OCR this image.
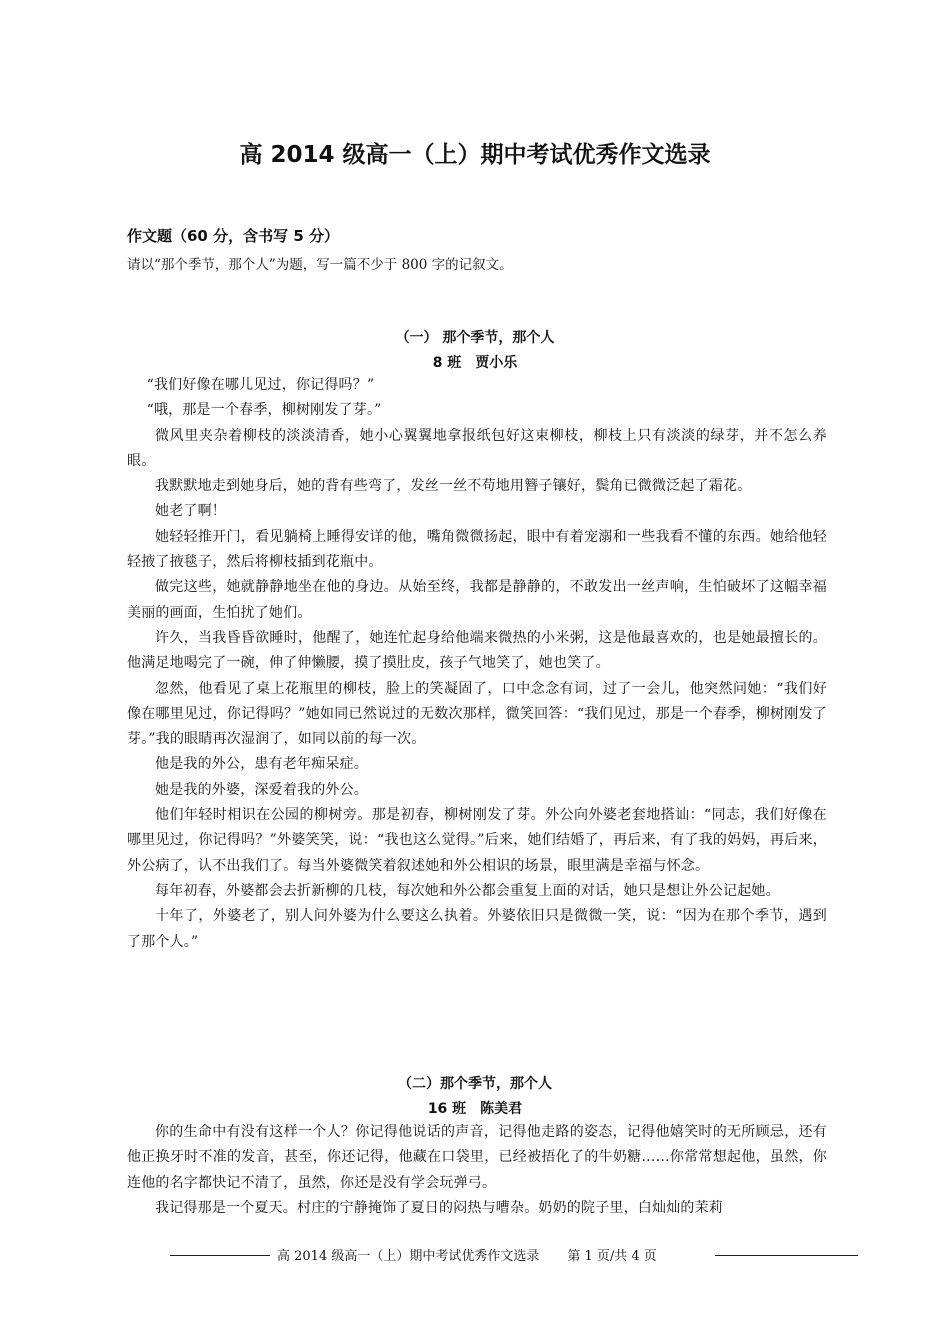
高 2014 级高一（上）期中考试优秀作文选录
作文题（60 分，含书写 5 分）
请以“那个季节，那个人”为题，写一篇不少于 800 字的记叙文。
（一） 那个季节，那个人
8 班　贾小乐

“我们好像在哪儿见过，你记得吗？”

“哦，那是一个春季，柳树刚发了芽。”

微风里夹杂着柳枝的淡淡清香，她小心翼翼地拿报纸包好这束柳枝，柳枝上只有淡淡的绿芽，并不怎么养眼。

我默默地走到她身后，她的背有些弯了，发丝一丝不苟地用簪子镶好，鬓角已微微泛起了霜花。

她老了啊！

她轻轻推开门，看见躺椅上睡得安详的他，嘴角微微扬起，眼中有着宠溺和一些我看不懂的东西。她给他轻轻掖了掖毯子，然后将柳枝插到花瓶中。

做完这些，她就静静地坐在他的身边。从始至终，我都是静静的，不敢发出一丝声响，生怕破坏了这幅幸福美丽的画面，生怕扰了她们。

许久，当我昏昏欲睡时，他醒了，她连忙起身给他端来微热的小米粥，这是他最喜欢的，也是她最擅长的。他满足地喝完了一碗，伸了伸懒腰，摸了摸肚皮，孩子气地笑了，她也笑了。

忽然，他看见了桌上花瓶里的柳枝，脸上的笑凝固了，口中念念有词，过了一会儿，他突然问她：“我们好像在哪里见过，你记得吗？”她如同已然说过的无数次那样，微笑回答：“我们见过，那是一个春季，柳树刚发了芽。”我的眼睛再次湿润了，如同以前的每一次。

他是我的外公，患有老年痴呆症。

她是我的外婆，深爱着我的外公。

他们年轻时相识在公园的柳树旁。那是初春，柳树刚发了芽。外公向外婆老套地搭讪：“同志，我们好像在哪里见过，你记得吗？”外婆笑笑，说：“我也这么觉得。”后来，她们结婚了，再后来，有了我的妈妈，再后来，外公病了，认不出我们了。每当外婆微笑着叙述她和外公相识的场景，眼里满是幸福与怀念。

每年初春，外婆都会去折新柳的几枝，每次她和外公都会重复上面的对话，她只是想让外公记起她。

十年了，外婆老了，别人问外婆为什么要这么执着。外婆依旧只是微微一笑，说：“因为在那个季节，遇到了那个人。”

（二）那个季节，那个人
16 班　陈美君

你的生命中有没有这样一个人？你记得他说话的声音，记得他走路的姿态，记得他嬉笑时的无所顾忌，还有他正换牙时不准的发音，甚至，你还记得，他藏在口袋里，已经被捂化了的牛奶糖……你常常想起他，虽然，你连他的名字都快记不清了，虽然，你还是没有学会玩弹弓。

我记得那是一个夏天。村庄的宁静掩饰了夏日的闷热与嘈杂。奶奶的院子里，白灿灿的茉莉

高 2014 级高一（上）期中考试优秀作文选录 第 1 页/共 4 页
